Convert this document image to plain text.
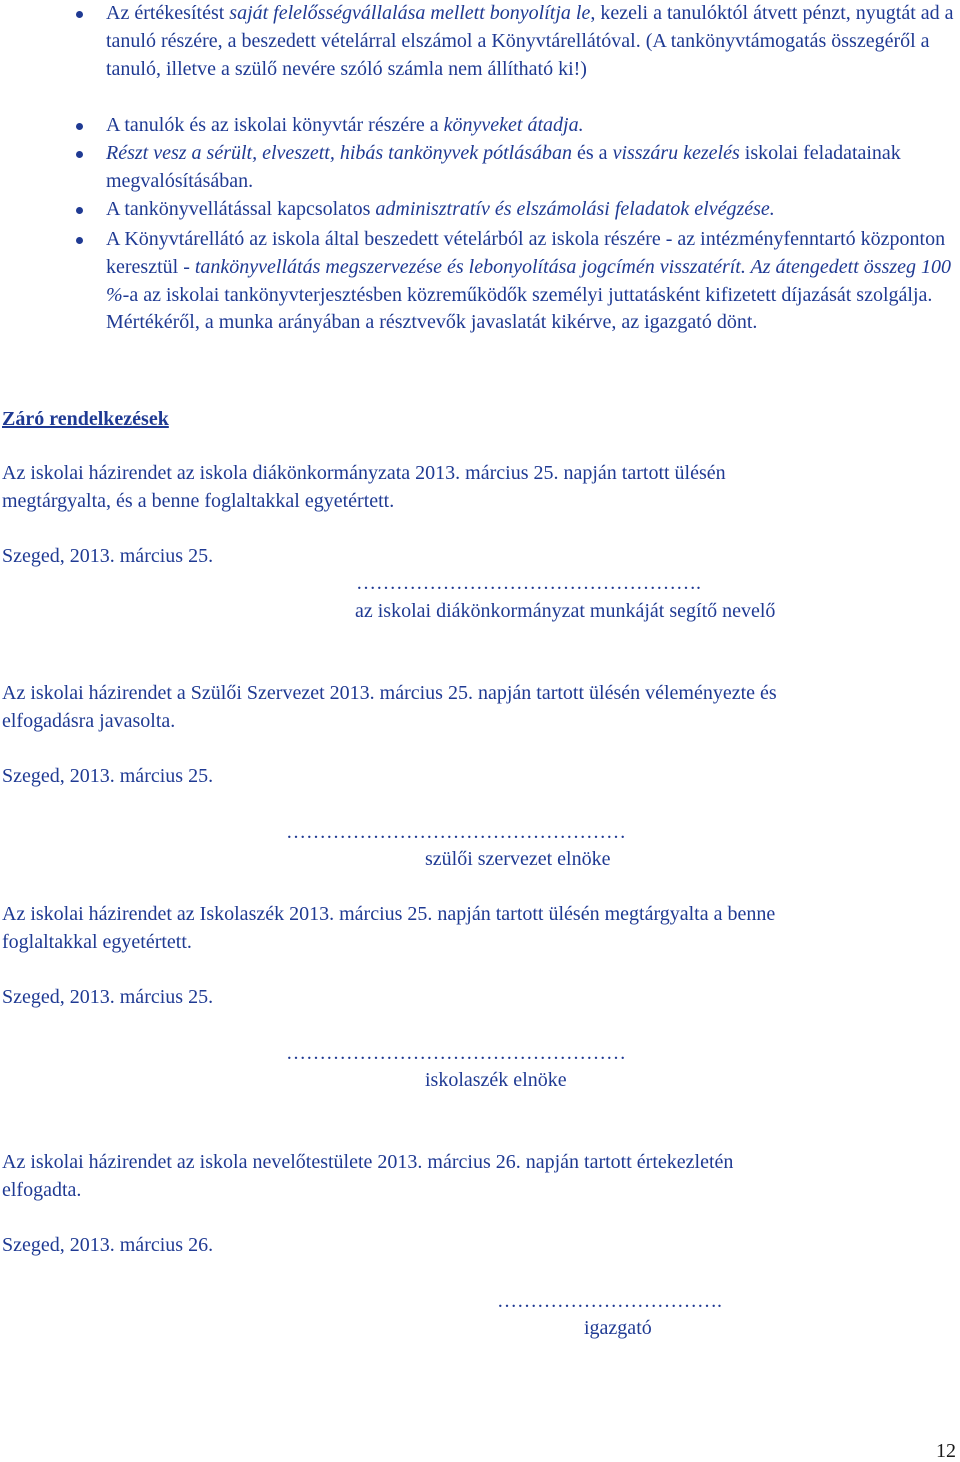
Az értékesítést saját felelősségvállalása mellett bonyolítja le, kezeli a tanulóktól átvett pénzt, nyugtát ad a tanuló részére, a beszedett vételárral elszámol a Könyvtárellátóval. (A tankönyvtámogatás összegéről a tanuló, illetve a szülő nevére szóló számla nem állítható ki!)
A tanulók és az iskolai könyvtár részére a könyveket átadja.
Részt vesz a sérült, elveszett, hibás tankönyvek pótlásában és a visszáru kezelés iskolai feladatainak megvalósításában.
A tankönyvellátással kapcsolatos adminisztratív és elszámolási feladatok elvégzése.
A Könyvtárellátó az iskola által beszedett vételárból az iskola részére - az intézményfenntartó központon keresztül - tankönyvellátás megszervezése és lebonyolítása jogcímén visszatérít. Az átengedett összeg 100 %-a az iskolai tankönyvterjesztésben közreműködők személyi juttatásként kifizetett díjazását szolgálja. Mértékéről, a munka arányában a résztvevők javaslatát kikérve, az igazgató dönt.
Záró rendelkezések
Az iskolai házirendet az iskola diákönkormányzata 2013. március 25. napján tartott ülésén
megtárgyalta, és a benne foglaltakkal egyetértett.
Szeged, 2013. március 25.
…………………………………………….
az iskolai diákönkormányzat munkáját segítő nevelő
Az iskolai házirendet a Szülői Szervezet 2013. március 25. napján tartott ülésén véleményezte és
elfogadásra javasolta.
Szeged, 2013. március 25.
……………………………………………
szülői szervezet elnöke
Az iskolai házirendet az Iskolaszék 2013. március 25. napján tartott ülésén megtárgyalta a benne
foglaltakkal egyetértett.
Szeged, 2013. március 25.
……………………………………………
iskolaszék elnöke
Az iskolai házirendet az iskola nevelőtestülete 2013. március 26. napján tartott értekezletén
elfogadta.
Szeged, 2013. március 26.
…………………………….
igazgató
12
